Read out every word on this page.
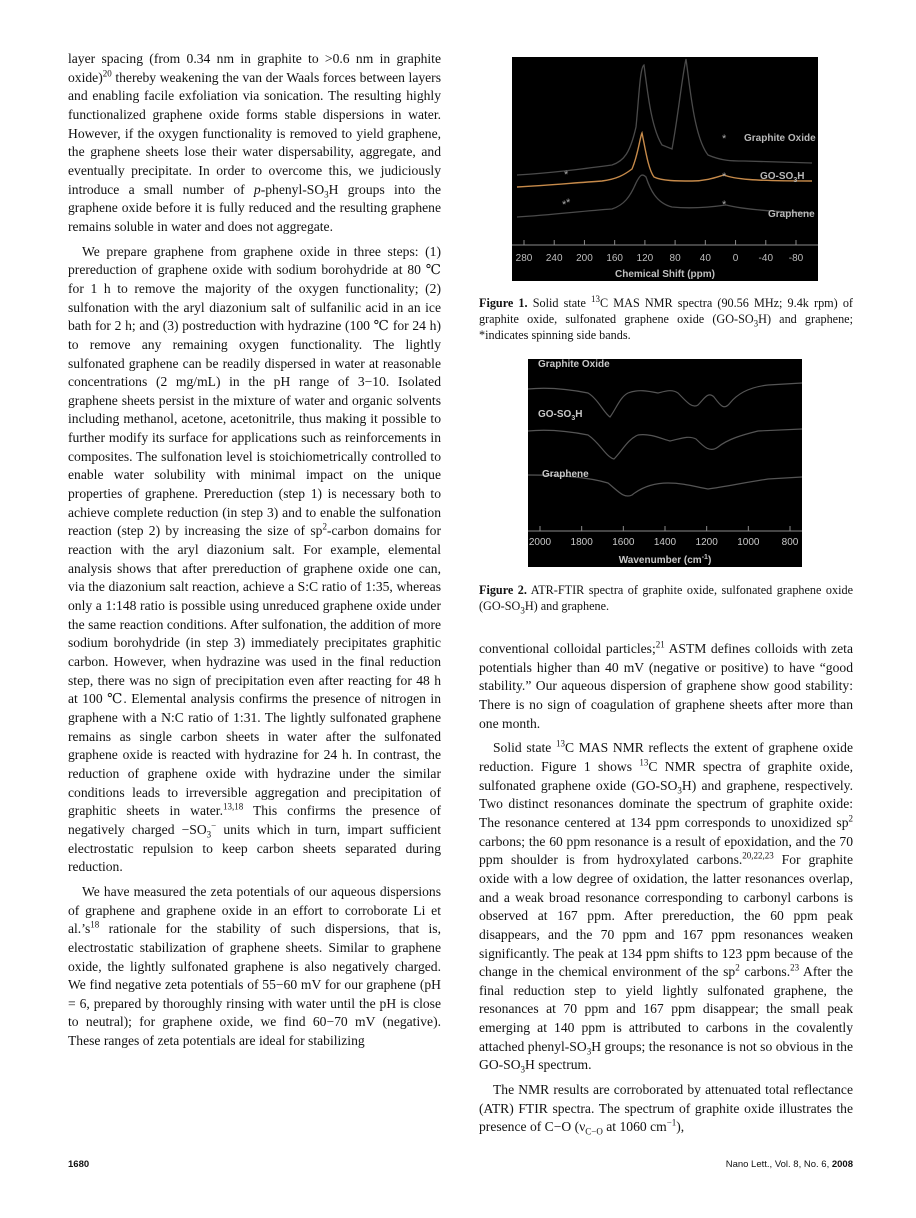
layer spacing (from 0.34 nm in graphite to >0.6 nm in graphite oxide)$^{20}$ thereby weakening the van der Waals forces between layers and enabling facile exfoliation via sonication. The resulting highly functionalized graphene oxide forms stable dispersions in water. However, if the oxygen functionality is removed to yield graphene, the graphene sheets lose their water dispersability, aggregate, and eventually precipitate. In order to overcome this, we judiciously introduce a small number of $p-phenyl-SO_3H$ groups into the graphene oxide before it is fully reduced and the resulting graphene remains soluble in water and does not aggregate.

We prepare graphene from graphene oxide in three steps: (1) prereduction of graphene oxide with sodium borohydride at 80 ℃ for 1 h to remove the majority of the oxygen functionality; (2) sulfonation with the aryl diazonium salt of sulfanilic acid in an ice bath for 2 h; and (3) postreduction with hydrazine (100 ℃ for 24 h) to remove any remaining oxygen functionality. The lightly sulfonated graphene can be readily dispersed in water at reasonable concentrations (2 mg/mL) in the pH range of 3−10. Isolated graphene sheets persist in the mixture of water and organic solvents including methanol, acetone, acetonitrile, thus making it possible to further modify its surface for applications such as reinforcements in composites. The sulfonation level is stoichiometrically controlled to enable water solubility with minimal impact on the unique properties of graphene. Prereduction (step 1) is necessary both to achieve complete reduction (in step 3) and to enable the sulfonation reaction (step 2) by increasing the size of $sp^2$-carbon domains for reaction with the aryl diazonium salt. For example, elemental analysis shows that after prereduction of graphene oxide one can, via the diazonium salt reaction, achieve a S:C ratio of 1:35, whereas only a 1:148 ratio is possible using unreduced graphene oxide under the same reaction conditions. After sulfonation, the addition of more sodium borohydride (in step 3) immediately precipitates graphitic carbon. However, when hydrazine was used in the final reduction step, there was no sign of precipitation even after reacting for 48 h at 100 ℃. Elemental analysis confirms the presence of nitrogen in graphene with a N:C ratio of 1:31. The lightly sulfonated graphene remains as single carbon sheets in water after the sulfonated graphene oxide is reacted with hydrazine for 24 h. In contrast, the reduction of graphene oxide with hydrazine under the similar conditions leads to irreversible aggregation and precipitation of graphitic sheets in water.$^{13,18}$ This confirms the presence of negatively charged $-SO_3^-$ units which in turn, impart sufficient electrostatic repulsion to keep carbon sheets separated during reduction.

We have measured the zeta potentials of our aqueous dispersions of graphene and graphene oxide in an effort to corroborate Li et $al.’s^{18}$ rationale for the stability of such dispersions, that is, electrostatic stabilization of graphene sheets. Similar to graphene oxide, the lightly sulfonated graphene is also negatively charged. We find negative zeta potentials of 55−60 mV for our graphene (pH = 6, prepared by thoroughly rinsing with water until the pH is close to neutral); for graphene oxide, we find 60−70 mV (negative). These ranges of zeta potentials are ideal for stabilizing

*
*
*
*
*	*
Graphite Oxide
$GO-SO_3H$
Graphene
280 240 200 160 120 80 40 0 -40 -80
Chemical Shift (ppm)
Figure 1. Solid state $^{13}$C MAS NMR spectra (90.56 MHz; 9.4k rpm) of graphite oxide, sulfonated graphene oxide $(GO-SO_3H)$ and graphene; *indicates spinning side bands.
Graphite Oxide
$GO-SO_3H$
Graphene
2000 1800 1600 1400 1200 1000 800
Wavenumber $(cm^{-1})$
Figure 2. ATR-FTIR spectra of graphite oxide, sulfonated graphene oxide $(GO-SO_3H)$ and graphene.

conventional colloidal particles;$^{21}$ ASTM defines colloids with zeta potentials higher than 40 mV (negative or positive) to have “good stability.” Our aqueous dispersion of graphene show good stability: There is no sign of coagulation of graphene sheets after more than one month.

Solid state $^{13}$C MAS NMR reflects the extent of graphene oxide reduction. Figure 1 shows $^{13}$C NMR spectra of graphite oxide, sulfonated graphene oxide $(GO-SO_3H)$ and graphene, respectively. Two distinct resonances dominate the spectrum of graphite oxide: The resonance centered at 134 ppm corresponds to unoxidized $sp^2$ carbons; the 60 ppm resonance is a result of epoxidation, and the 70 ppm shoulder is from hydroxylated carbons.$^{20,22,23}$ For graphite oxide with a low degree of oxidation, the latter resonances overlap, and a weak broad resonance corresponding to carbonyl carbons is observed at 167 ppm. After prereduction, the 60 ppm peak disappears, and the 70 ppm and 167 ppm resonances weaken significantly. The peak at 134 ppm shifts to 123 ppm because of the change in the chemical environment of the $sp^2$ carbons.$^{23}$ After the final reduction step to yield lightly sulfonated graphene, the resonances at 70 ppm and 167 ppm disappear; the small peak emerging at 140 ppm is attributed to carbons in the covalently attached phenyl-$SO_3H$ groups; the resonance is not so obvious in the $GO-SO_3H$ spectrum.

The NMR results are corroborated by attenuated total reflectance (ATR) FTIR spectra. The spectrum of graphite oxide illustrates the presence of C−O ($\nu_{C-O}$ at 1060 $cm^{-1}$),

1680	Nano Lett., Vol. 8, No. 6, 2008
